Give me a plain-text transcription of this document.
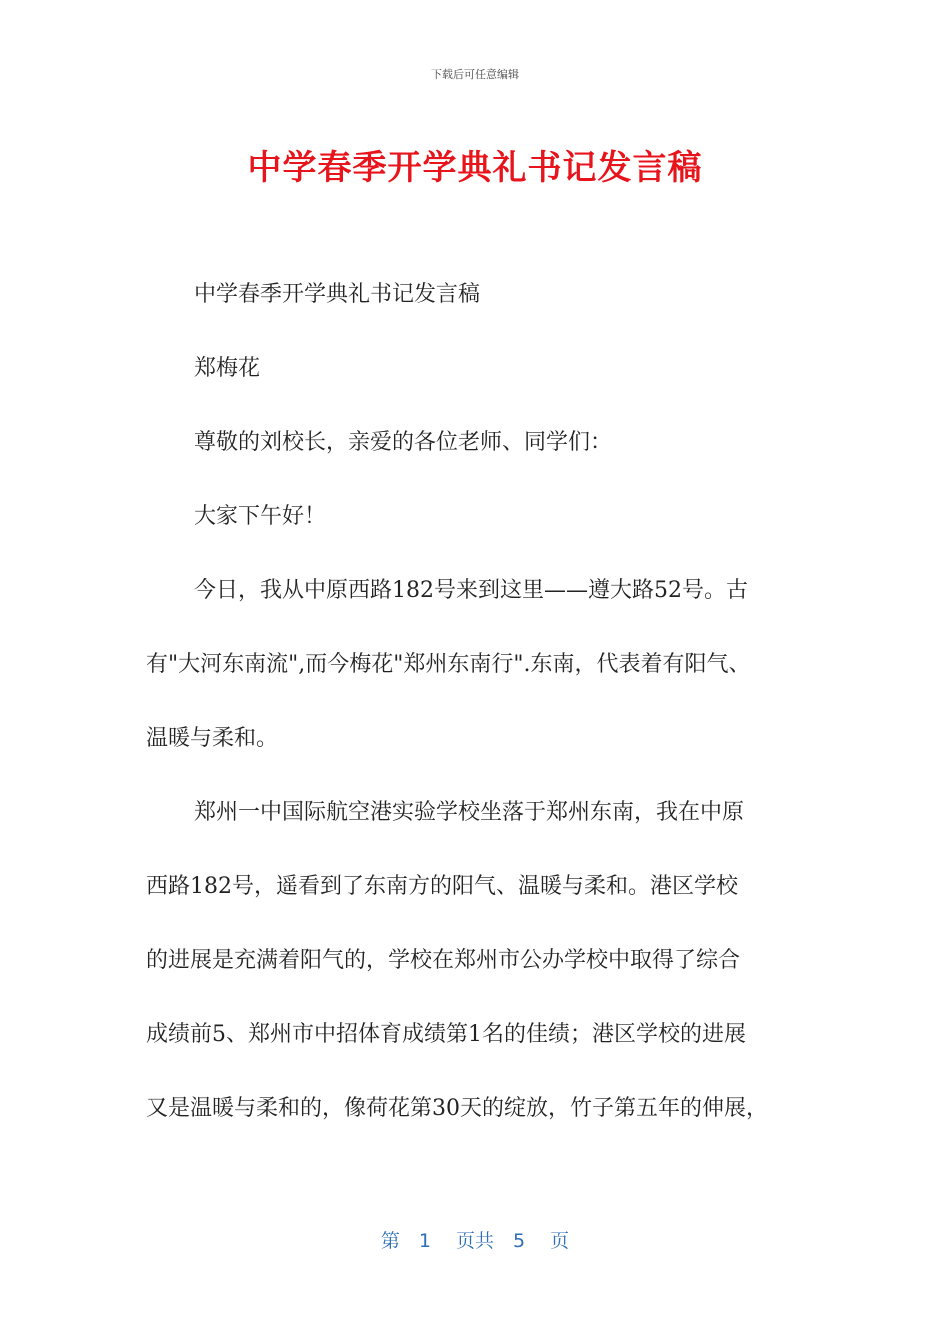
下载后可任意编辑
中学春季开学典礼书记发言稿
中学春季开学典礼书记发言稿
郑梅花
尊敬的刘校长，亲爱的各位老师、同学们：
大家下午好！
今日，我从中原西路182号来到这里——遵大路52号。古
有"大河东南流",而今梅花"郑州东南行".东南，代表着有阳气、
温暖与柔和。
郑州一中国际航空港实验学校坐落于郑州东南，我在中原
西路182号，遥看到了东南方的阳气、温暖与柔和。港区学校
的进展是充满着阳气的，学校在郑州市公办学校中取得了综合
成绩前5、郑州市中招体育成绩第1名的佳绩；港区学校的进展
又是温暖与柔和的，像荷花第30天的绽放，竹子第五年的伸展，
第　1　 页共　5　 页
